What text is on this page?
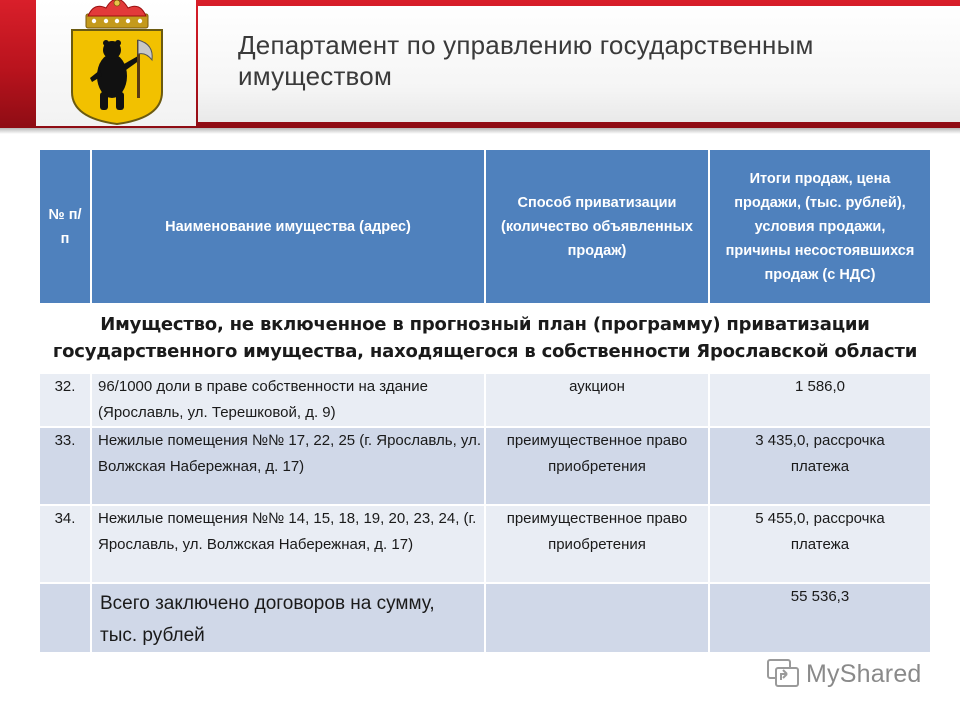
Департамент по управлению государственным имуществом
№ п/п	Наименование имущества (адрес)	Способ приватизации (количество объявленных продаж)	Итоги продаж, цена продажи, (тыс. рублей), условия продажи, причины несостоявшихся продаж (с НДС)

Имущество, не включенное в прогнозный план (программу) приватизации государственного имущества, находящегося в собственности Ярославской области			
32.	96/1000 доли в праве собственности на здание (Ярославль, ул. Терешковой, д. 9)	аукцион	1 586,0
33.	Нежилые помещения №№ 17, 22, 25 (г. Ярославль, ул. Волжская Набережная, д. 17)	преимущественное право приобретения	3 435,0, рассрочка платежа
34.	Нежилые помещения №№ 14, 15, 18, 19, 20, 23, 24, (г. Ярославль, ул. Волжская Набережная, д. 17)	преимущественное право приобретения	5 455,0, рассрочка платежа
	Всего заключено договоров на сумму, тыс. рублей		55 536,3
MyShared
